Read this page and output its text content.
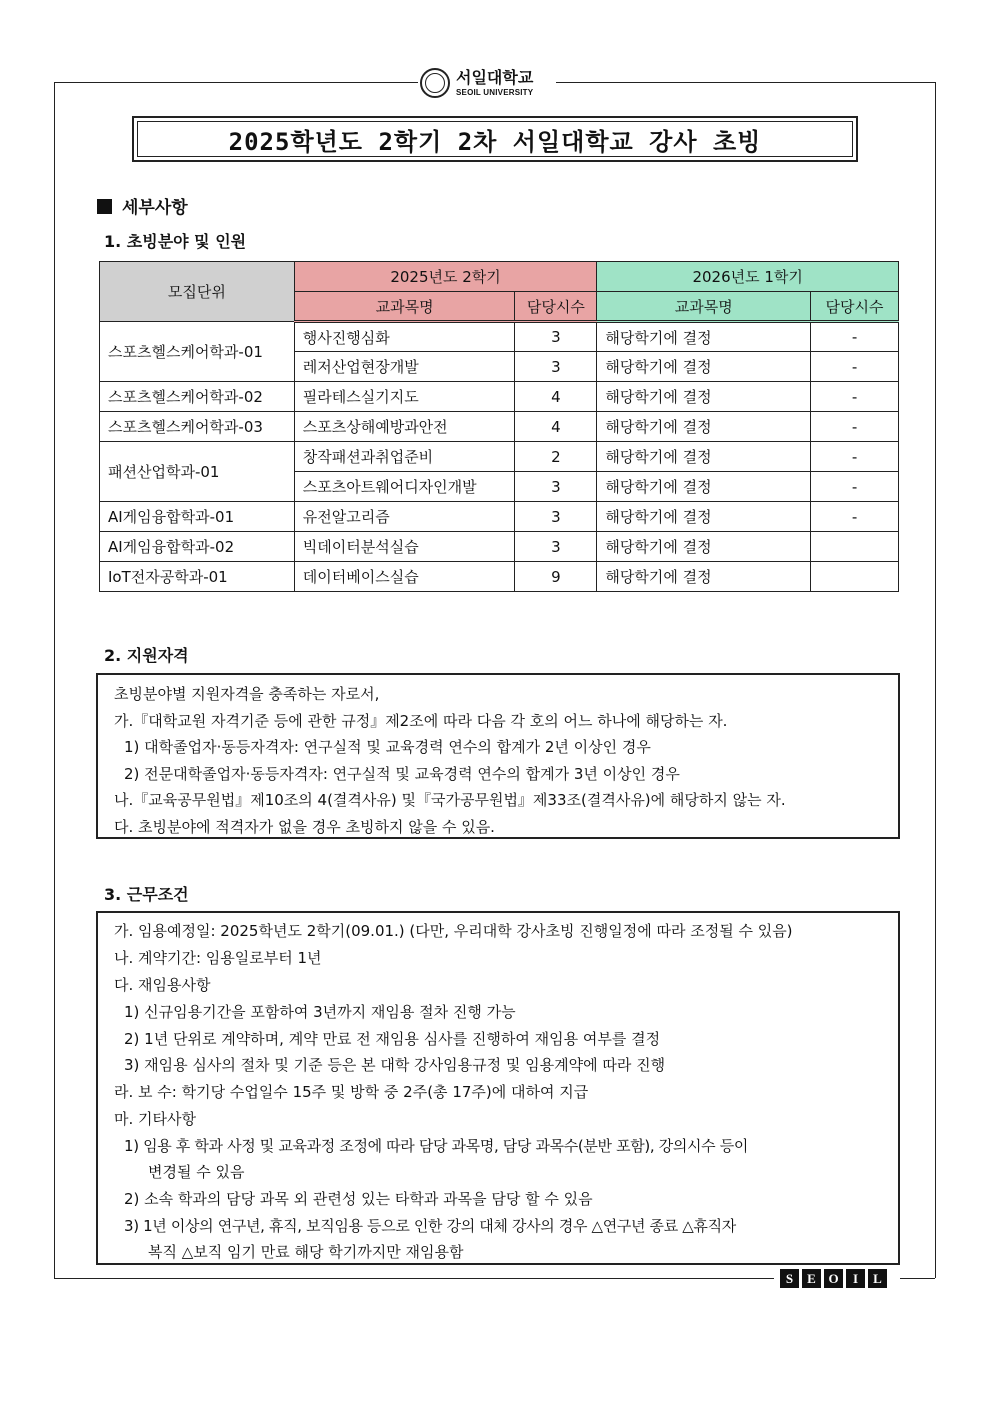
서일대학교
SEOIL UNIVERSITY
2025학년도 2학기 2차 서일대학교 강사 초빙
세부사항
1. 초빙분야 및 인원
모집단위	2025년도 2학기		2026년도 1학기	
	교과목명	담당시수	교과목명	담당시수
스포츠헬스케어학과-01	행사진행심화	3	해당학기에 결정	-
	레저산업현장개발	3	해당학기에 결정	-
스포츠헬스케어학과-02	필라테스실기지도	4	해당학기에 결정	-
스포츠헬스케어학과-03	스포츠상해예방과안전	4	해당학기에 결정	-
패션산업학과-01	창작패션과취업준비	2	해당학기에 결정	-
	스포츠아트웨어디자인개발	3	해당학기에 결정	-
AI게임융합학과-01	유전알고리즘	3	해당학기에 결정	-
AI게임융합학과-02	빅데이터분석실습	3	해당학기에 결정	
IoT전자공학과-01	데이터베이스실습	9	해당학기에 결정	
2. 지원자격
초빙분야별 지원자격을 충족하는 자로서,
가.『대학교원 자격기준 등에 관한 규정』제2조에 따라 다음 각 호의 어느 하나에 해당하는 자.
1) 대학졸업자·동등자격자: 연구실적 및 교육경력 연수의 합계가 2년 이상인 경우
2) 전문대학졸업자·동등자격자: 연구실적 및 교육경력 연수의 합계가 3년 이상인 경우
나.『교육공무원법』제10조의 4(결격사유) 및『국가공무원법』제33조(결격사유)에 해당하지 않는 자.
다. 초빙분야에 적격자가 없을 경우 초빙하지 않을 수 있음.
3. 근무조건
가. 임용예정일: 2025학년도 2학기(09.01.) (다만, 우리대학 강사초빙 진행일정에 따라 조정될 수 있음)
나. 계약기간: 임용일로부터 1년
다. 재임용사항
1) 신규임용기간을 포함하여 3년까지 재임용 절차 진행 가능
2) 1년 단위로 계약하며, 계약 만료 전 재임용 심사를 진행하여 재임용 여부를 결정
3) 재임용 심사의 절차 및 기준 등은 본 대학 강사임용규정 및 임용계약에 따라 진행
라. 보 수: 학기당 수업일수 15주 및 방학 중 2주(총 17주)에 대하여 지급
마. 기타사항
1) 임용 후 학과 사정 및 교육과정 조정에 따라 담당 과목명, 담당 과목수(분반 포함), 강의시수 등이
변경될 수 있음
2) 소속 학과의 담당 과목 외 관련성 있는 타학과 과목을 담당 할 수 있음
3) 1년 이상의 연구년, 휴직, 보직임용 등으로 인한 강의 대체 강사의 경우 △연구년 종료 △휴직자
복직 △보직 임기 만료 해당 학기까지만 재임용함
S	E O	I	L
